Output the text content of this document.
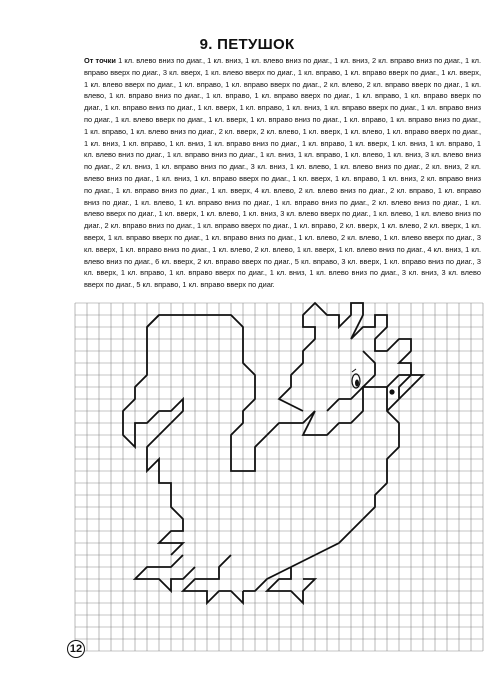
9. ПЕТУШОК
От точки 1 кл. влево вниз по диаг., 1 кл. вниз, 1 кл. влево вниз по диаг., 1 кл. вниз, 2 кл. вправо вниз по диаг., 1 кл. вправо вверх по диаг., 3 кл. вверх, 1 кл. влево вверх по диаг., 1 кл. вправо, 1 кл. вправо вверх по диаг., 1 кл. вверх, 1 кл. влево вверх по диаг., 1 кл. вправо, 1 кл. вправо вверх по диаг., 2 кл. влево, 2 кл. вправо вверх по диаг., 1 кл. влево, 1 кл. вправо вниз по диаг., 1 кл. вправо, 1 кл. вправо вверх по диаг., 1 кл. вправо, 1 кл. вправо вверх по диаг., 1 кл. вправо вниз по диаг., 1 кл. вверх, 1 кл. вправо, 1 кл. вниз, 1 кл. вправо вверх по диаг., 1 кл. вправо вниз по диаг., 1 кл. влево вверх по диаг., 1 кл. вверх, 1 кл. вправо вниз по диаг., 1 кл. вправо, 1 кл. вправо вниз по диаг., 1 кл. вправо, 1 кл. влево вниз по диаг., 2 кл. вверх, 2 кл. влево, 1 кл. вверх, 1 кл. влево, 1 кл. вправо вверх по диаг., 1 кл. вниз, 1 кл. вправо, 1 кл. вниз, 1 кл. вправо вниз по диаг., 1 кл. вправо, 1 кл. вверх, 1 кл. вниз, 1 кл. вправо, 1 кл. влево вниз по диаг., 1 кл. вправо вниз по диаг., 1 кл. вниз, 1 кл. вправо, 1 кл. влево, 1 кл. вниз, 3 кл. влево вниз по диаг., 2 кл. вниз, 1 кл. вправо вниз по диаг., 3 кл. вниз, 1 кл. влево, 1 кл. влево вниз по диаг., 2 кл. вниз, 2 кл. влево вниз по диаг., 1 кл. вниз, 1 кл. вправо вверх по диаг., 1 кл. вверх, 1 кл. вправо, 1 кл. вниз, 2 кл. вправо вниз по диаг., 1 кл. вправо вниз по диаг., 1 кл. вверх, 4 кл. влево, 2 кл. влево вниз по диаг., 2 кл. вправо, 1 кл. вправо вниз по диаг., 1 кл. влево, 1 кл. вправо вниз по диаг., 1 кл. вправо вниз по диаг., 2 кл. влево вниз по диаг., 1 кл. влево вверх по диаг., 1 кл. вверх, 1 кл. влево, 1 кл. вниз, 3 кл. влево вверх по диаг., 1 кл. влево, 1 кл. влево вниз по диаг., 2 кл. вправо вниз по диаг., 1 кл. вправо вверх по диаг., 1 кл. вправо, 2 кл. вверх, 1 кл. влево, 2 кл. вверх, 1 кл. вверх, 1 кл. вправо вверх по диаг., 1 кл. вправо вниз по диаг., 1 кл. влево, 2 кл. влево, 1 кл. влево вверх по диаг., 3 кл. вверх, 1 кл. вправо вниз по диаг., 1 кл. влево, 2 кл. влево, 1 кл. вверх, 1 кл. влево вниз по диаг., 4 кл. вниз, 1 кл. влево вниз по диаг., 6 кл. вверх, 2 кл. вправо вверх по диаг., 5 кл. вправо, 3 кл. вверх, 1 кл. вправо вниз по диаг., 3 кл. вверх, 1 кл. вправо, 1 кл. вправо вверх по диаг., 1 кл. вниз, 1 кл. влево вниз по диаг., 3 кл. вниз, 3 кл. влево вверх по диаг., 5 кл. вправо, 1 кл. вправо вверх по диаг.
12
